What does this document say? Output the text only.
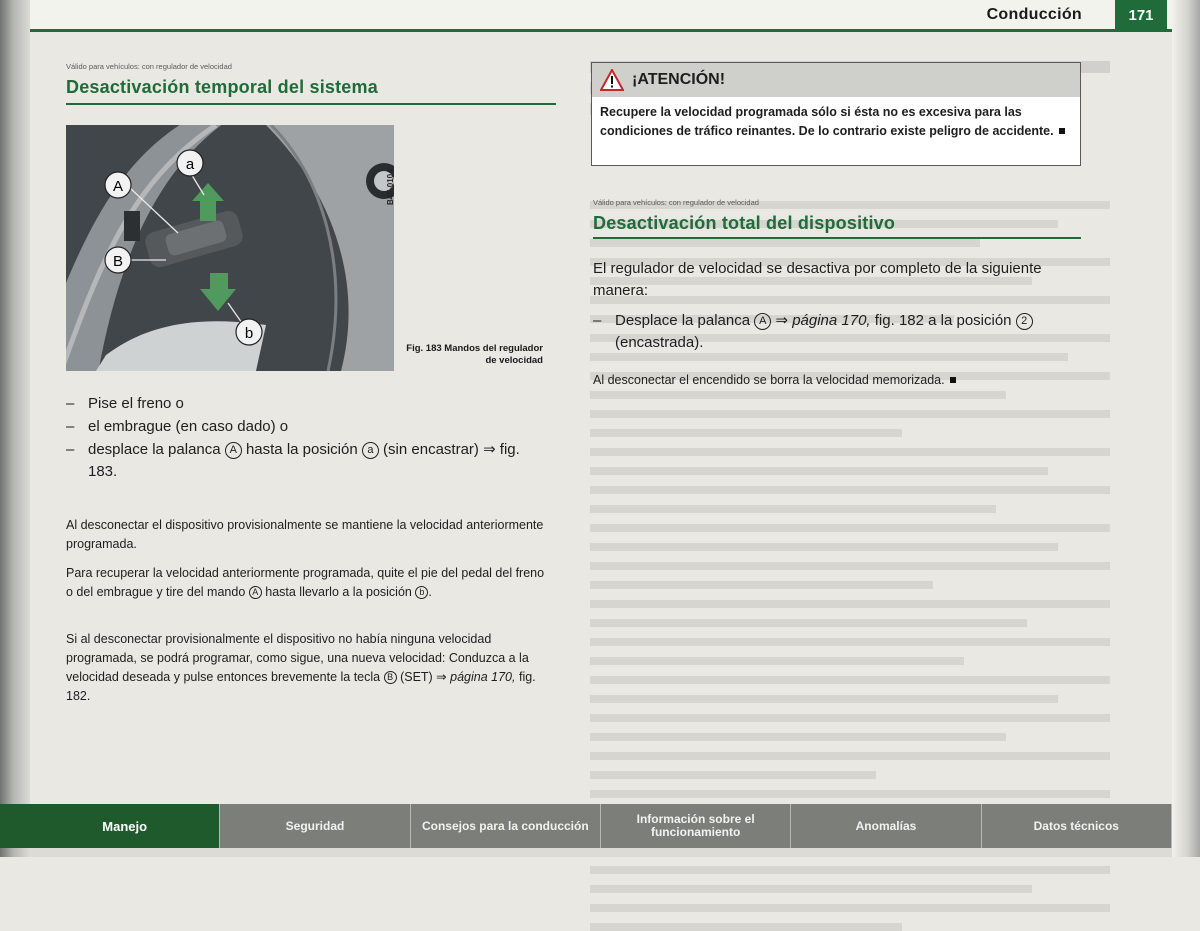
Conducción	171
Válido para vehículos: con regulador de velocidad
Desactivación temporal del sistema
a
A
B
b
B4F-0104
Fig. 183 Mandos del regulador de velocidad
– Pise el freno o
– el embrague (en caso dado) o
– desplace la palanca A hasta la posición a (sin encastrar) ⇒ fig. 183.
Al desconectar el dispositivo provisionalmente se mantiene la velocidad anteriormente programada.
Para recuperar la velocidad anteriormente programada, quite el pie del pedal del freno o del embrague y tire del mando A hasta llevarlo a la posición b .
Si al desconectar provisionalmente el dispositivo no había ninguna velocidad programada, se podrá programar, como sigue, una nueva velocidad: Conduzca a la velocidad deseada y pulse entonces brevemente la tecla B (SET) ⇒ página 170, fig. 182.
¡ATENCIÓN!
Recupere la velocidad programada sólo si ésta no es excesiva para las condiciones de tráfico reinantes. De lo contrario existe peligro de accidente.
Válido para vehículos: con regulador de velocidad
Desactivación total del dispositivo
El regulador de velocidad se desactiva por completo de la siguiente manera:
– Desplace la palanca A ⇒ página 170, fig. 182 a la posición 2 (encastrada).
Al desconectar el encendido se borra la velocidad memorizada.
Manejo	Seguridad	Consejos para la conducción	Información sobre el funcionamiento	Anomalías	Datos técnicos
